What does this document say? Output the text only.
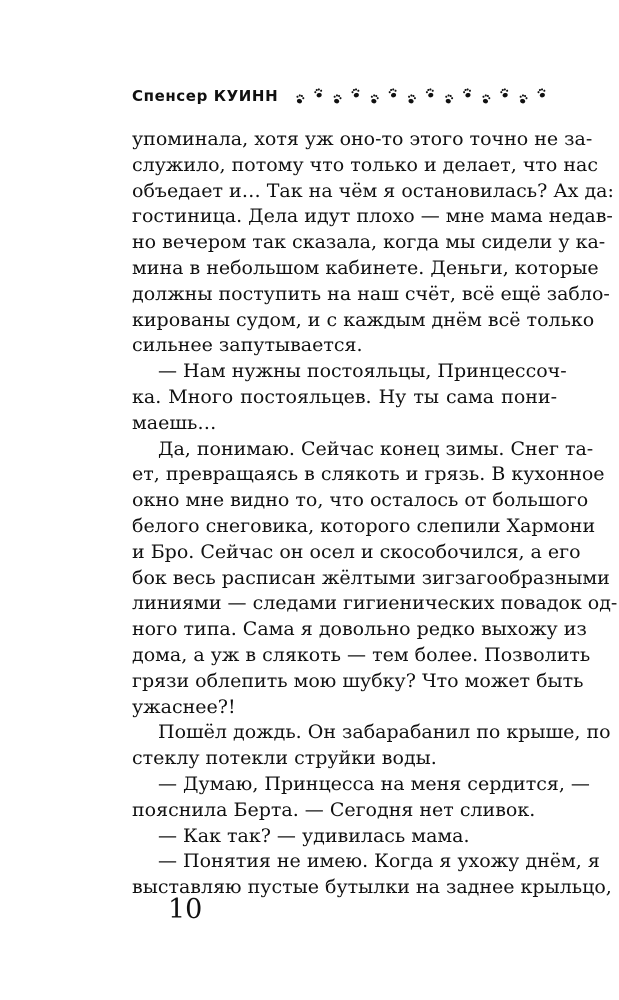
Спенсер КУИНН
упоминала, хотя уж оно-то этого точно не за-
служило, потому что только и делает, что нас
объедает и… Так на чём я остановилась? Ах да:
гостиница. Дела идут плохо — мне мама недав-
но вечером так сказала, когда мы сидели у ка-
мина в небольшом кабинете. Деньги, которые
должны поступить на наш счёт, всё ещё забло-
кированы судом, и с каждым днём всё только
сильнее запутывается.
— Нам нужны постояльцы, Принцессоч-
ка. Много постояльцев. Ну ты сама пони-
маешь…
Да, понимаю. Сейчас конец зимы. Снег та-
ет, превращаясь в слякоть и грязь. В кухонное
окно мне видно то, что осталось от большого
белого снеговика, которого слепили Хармони
и Бро. Сейчас он осел и скособочился, а его
бок весь расписан жёлтыми зигзагообразными
линиями — следами гигиенических повадок од-
ного типа. Сама я довольно редко выхожу из
дома, а уж в слякоть — тем более. Позволить
грязи облепить мою шубку? Что может быть
ужаснее?!
Пошёл дождь. Он забарабанил по крыше, по
стеклу потекли струйки воды.
— Думаю, Принцесса на меня сердится, —
пояснила Берта. — Сегодня нет сливок.
— Как так? — удивилась мама.
— Понятия не имею. Когда я ухожу днём, я
выставляю пустые бутылки на заднее крыльцо,
10
